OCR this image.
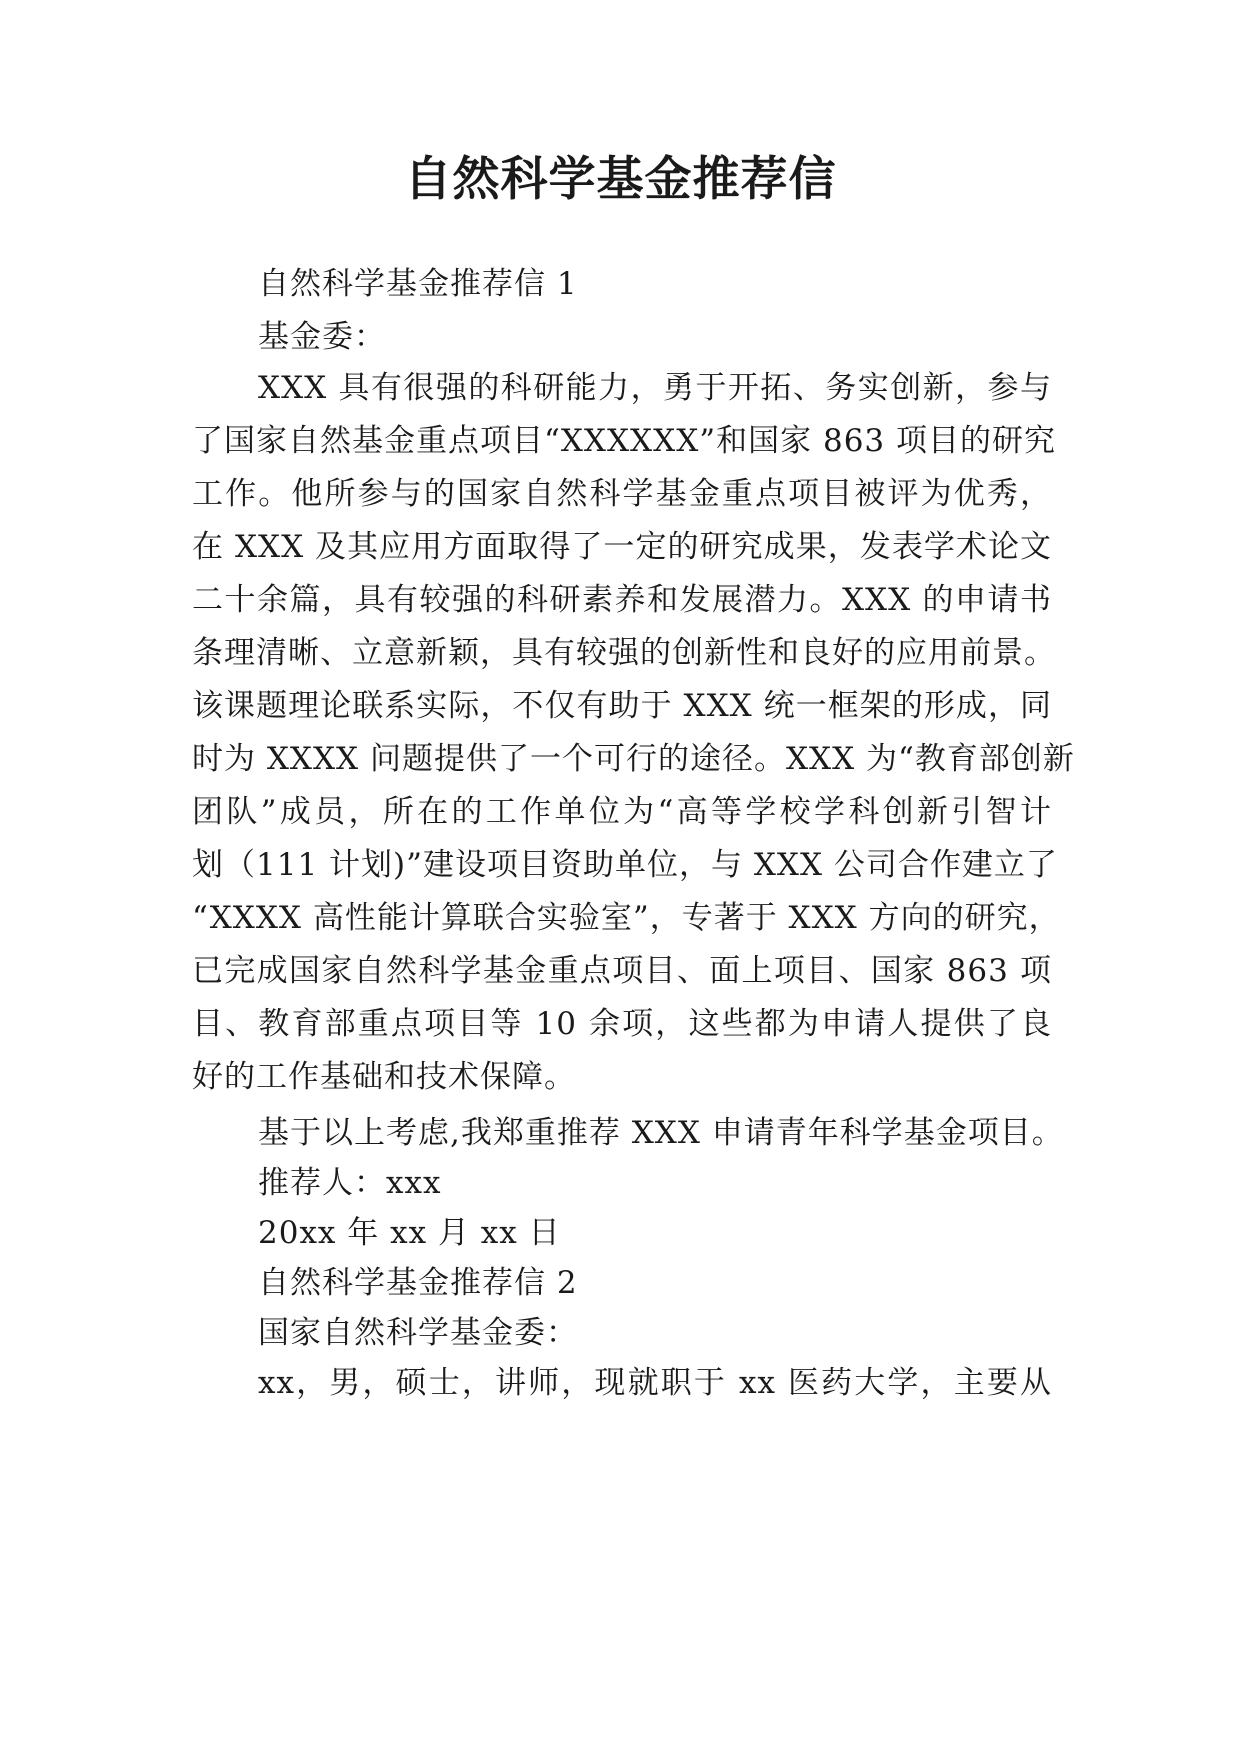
自然科学基金推荐信
自然科学基金推荐信 1
基金委：
XXX 具有很强的科研能力，勇于开拓、务实创新，参与
了国家自然基金重点项目“XXXXXX”和国家 863 项目的研究
工作。他所参与的国家自然科学基金重点项目被评为优秀，
在 XXX 及其应用方面取得了一定的研究成果，发表学术论文
二十余篇，具有较强的科研素养和发展潜力。XXX 的申请书
条理清晰、立意新颖，具有较强的创新性和良好的应用前景。
该课题理论联系实际，不仅有助于 XXX 统一框架的形成，同
时为 XXXX 问题提供了一个可行的途径。XXX 为“教育部创新
团队”成员，所在的工作单位为“高等学校学科创新引智计
划（111 计划)”建设项目资助单位，与 XXX 公司合作建立了
“XXXX 高性能计算联合实验室”，专著于 XXX 方向的研究，
已完成国家自然科学基金重点项目、面上项目、国家 863 项
目、教育部重点项目等 10 余项，这些都为申请人提供了良
好的工作基础和技术保障。
基于以上考虑,我郑重推荐 XXX 申请青年科学基金项目。
推荐人：xxx
20xx 年 xx 月 xx 日
自然科学基金推荐信 2
国家自然科学基金委：
xx，男，硕士，讲师，现就职于 xx 医药大学，主要从
